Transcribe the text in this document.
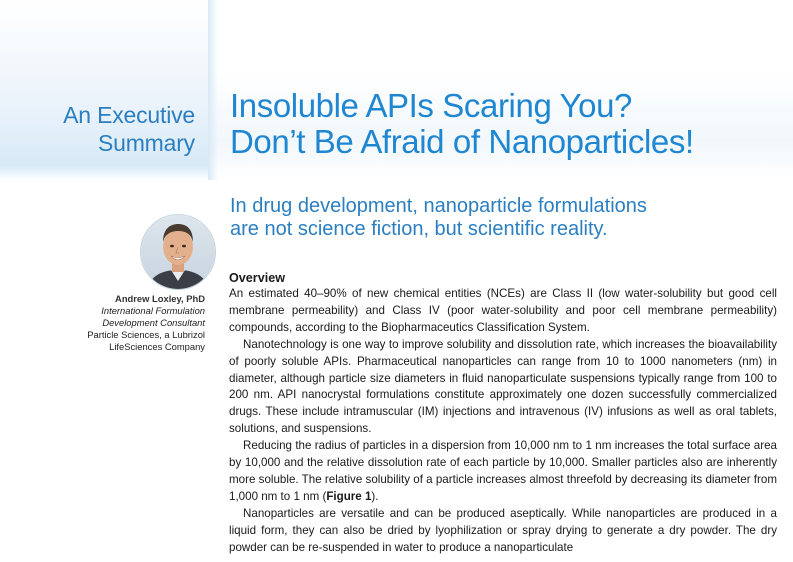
An Executive
Summary
Insoluble APIs Scaring You?
Don’t Be Afraid of Nanoparticles!
In drug development, nanoparticle formulations
are not science fiction, but scientific reality.
Andrew Loxley, PhD
International Formulation
Development Consultant
Particle Sciences, a Lubrizol
LifeSciences Company
Overview

An estimated 40–90% of new chemical entities (NCEs) are Class II (low water-solubility but good cell membrane permeability) and Class IV (poor water-solubility and poor cell membrane permeability) compounds, according to the Biopharmaceutics Classification System.

Nanotechnology is one way to improve solubility and dissolution rate, which increases the bioavailability of poorly soluble APIs. Pharmaceutical nanoparticles can range from 10 to 1000 nanometers (nm) in diameter, although particle size diameters in fluid nanoparticulate suspensions typically range from 100 to 200 nm. API nanocrystal formulations constitute approximately one dozen successfully commercialized drugs. These include intramuscular (IM) injections and intravenous (IV) infusions as well as oral tablets, solutions, and suspensions.

Reducing the radius of particles in a dispersion from 10,000 nm to 1 nm increases the total surface area by 10,000 and the relative dissolution rate of each particle by 10,000. Smaller particles also are inherently more soluble. The relative solubility of a particle increases almost threefold by decreasing its diameter from 1,000 nm to 1 nm (Figure 1).

Nanoparticles are versatile and can be produced aseptically. While nanoparticles are produced in a liquid form, they can also be dried by lyophilization or spray drying to generate a dry powder. The dry powder can be re-suspended in water to produce a nanoparticulate
